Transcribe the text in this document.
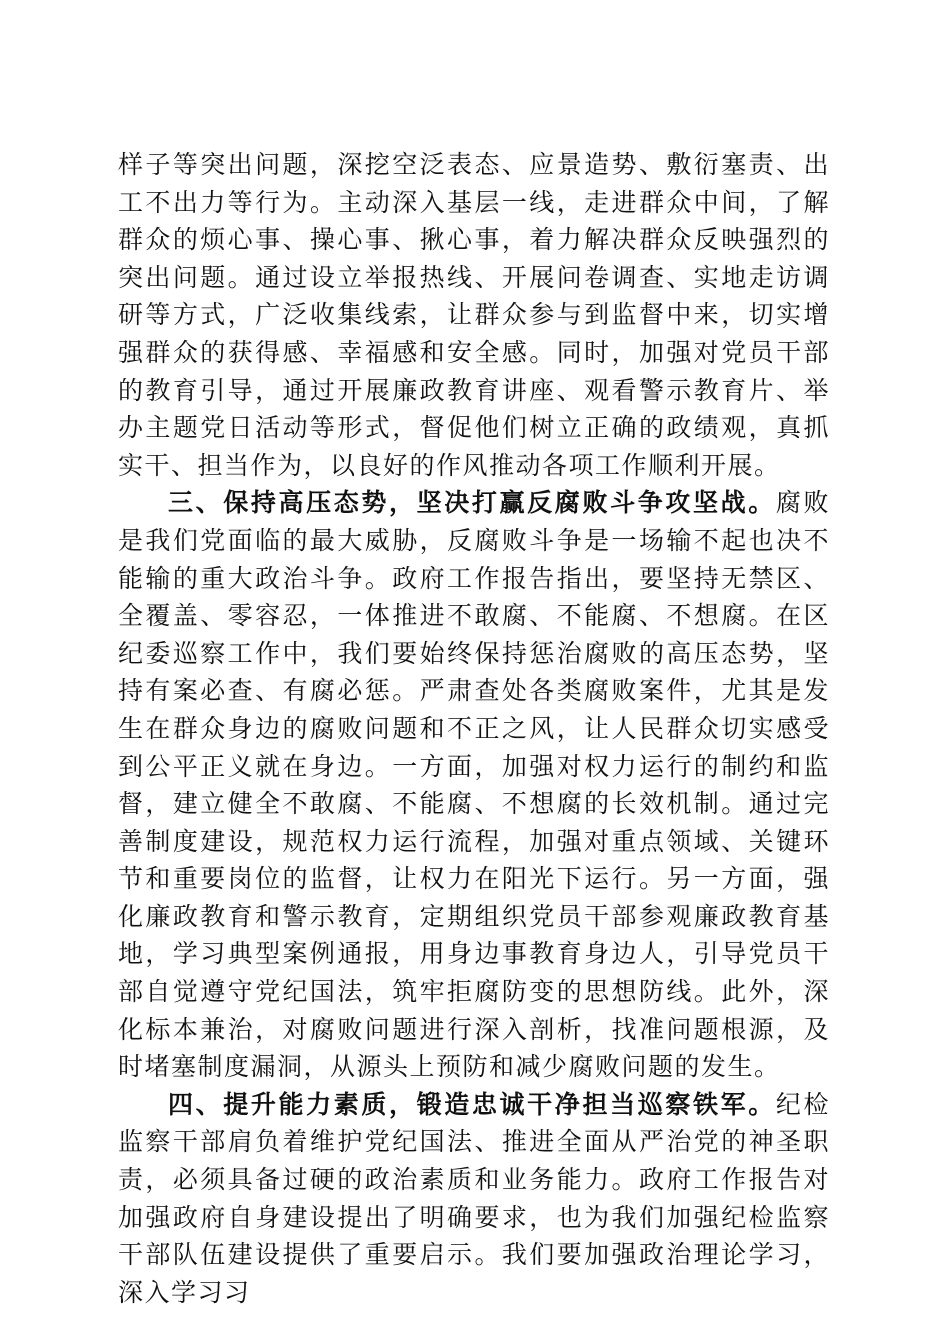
样子等突出问题，深挖空泛表态、应景造势、敷衍塞责、出工不出力等行为。主动深入基层一线，走进群众中间，了解群众的烦心事、操心事、揪心事，着力解决群众反映强烈的突出问题。通过设立举报热线、开展问卷调查、实地走访调研等方式，广泛收集线索，让群众参与到监督中来，切实增强群众的获得感、幸福感和安全感。同时，加强对党员干部的教育引导，通过开展廉政教育讲座、观看警示教育片、举办主题党日活动等形式，督促他们树立正确的政绩观，真抓实干、担当作为，以良好的作风推动各项工作顺利开展。

三、保持高压态势，坚决打赢反腐败斗争攻坚战。腐败是我们党面临的最大威胁，反腐败斗争是一场输不起也决不能输的重大政治斗争。政府工作报告指出，要坚持无禁区、全覆盖、零容忍，一体推进不敢腐、不能腐、不想腐。在区纪委巡察工作中，我们要始终保持惩治腐败的高压态势，坚持有案必查、有腐必惩。严肃查处各类腐败案件，尤其是发生在群众身边的腐败问题和不正之风，让人民群众切实感受到公平正义就在身边。一方面，加强对权力运行的制约和监督，建立健全不敢腐、不能腐、不想腐的长效机制。通过完善制度建设，规范权力运行流程，加强对重点领域、关键环节和重要岗位的监督，让权力在阳光下运行。另一方面，强化廉政教育和警示教育，定期组织党员干部参观廉政教育基地，学习典型案例通报，用身边事教育身边人，引导党员干部自觉遵守党纪国法，筑牢拒腐防变的思想防线。此外，深化标本兼治，对腐败问题进行深入剖析，找准问题根源，及时堵塞制度漏洞，从源头上预防和减少腐败问题的发生。

四、提升能力素质，锻造忠诚干净担当巡察铁军。纪检监察干部肩负着维护党纪国法、推进全面从严治党的神圣职责，必须具备过硬的政治素质和业务能力。政府工作报告对加强政府自身建设提出了明确要求，也为我们加强纪检监察干部队伍建设提供了重要启示。我们要加强政治理论学习，深入学习习
